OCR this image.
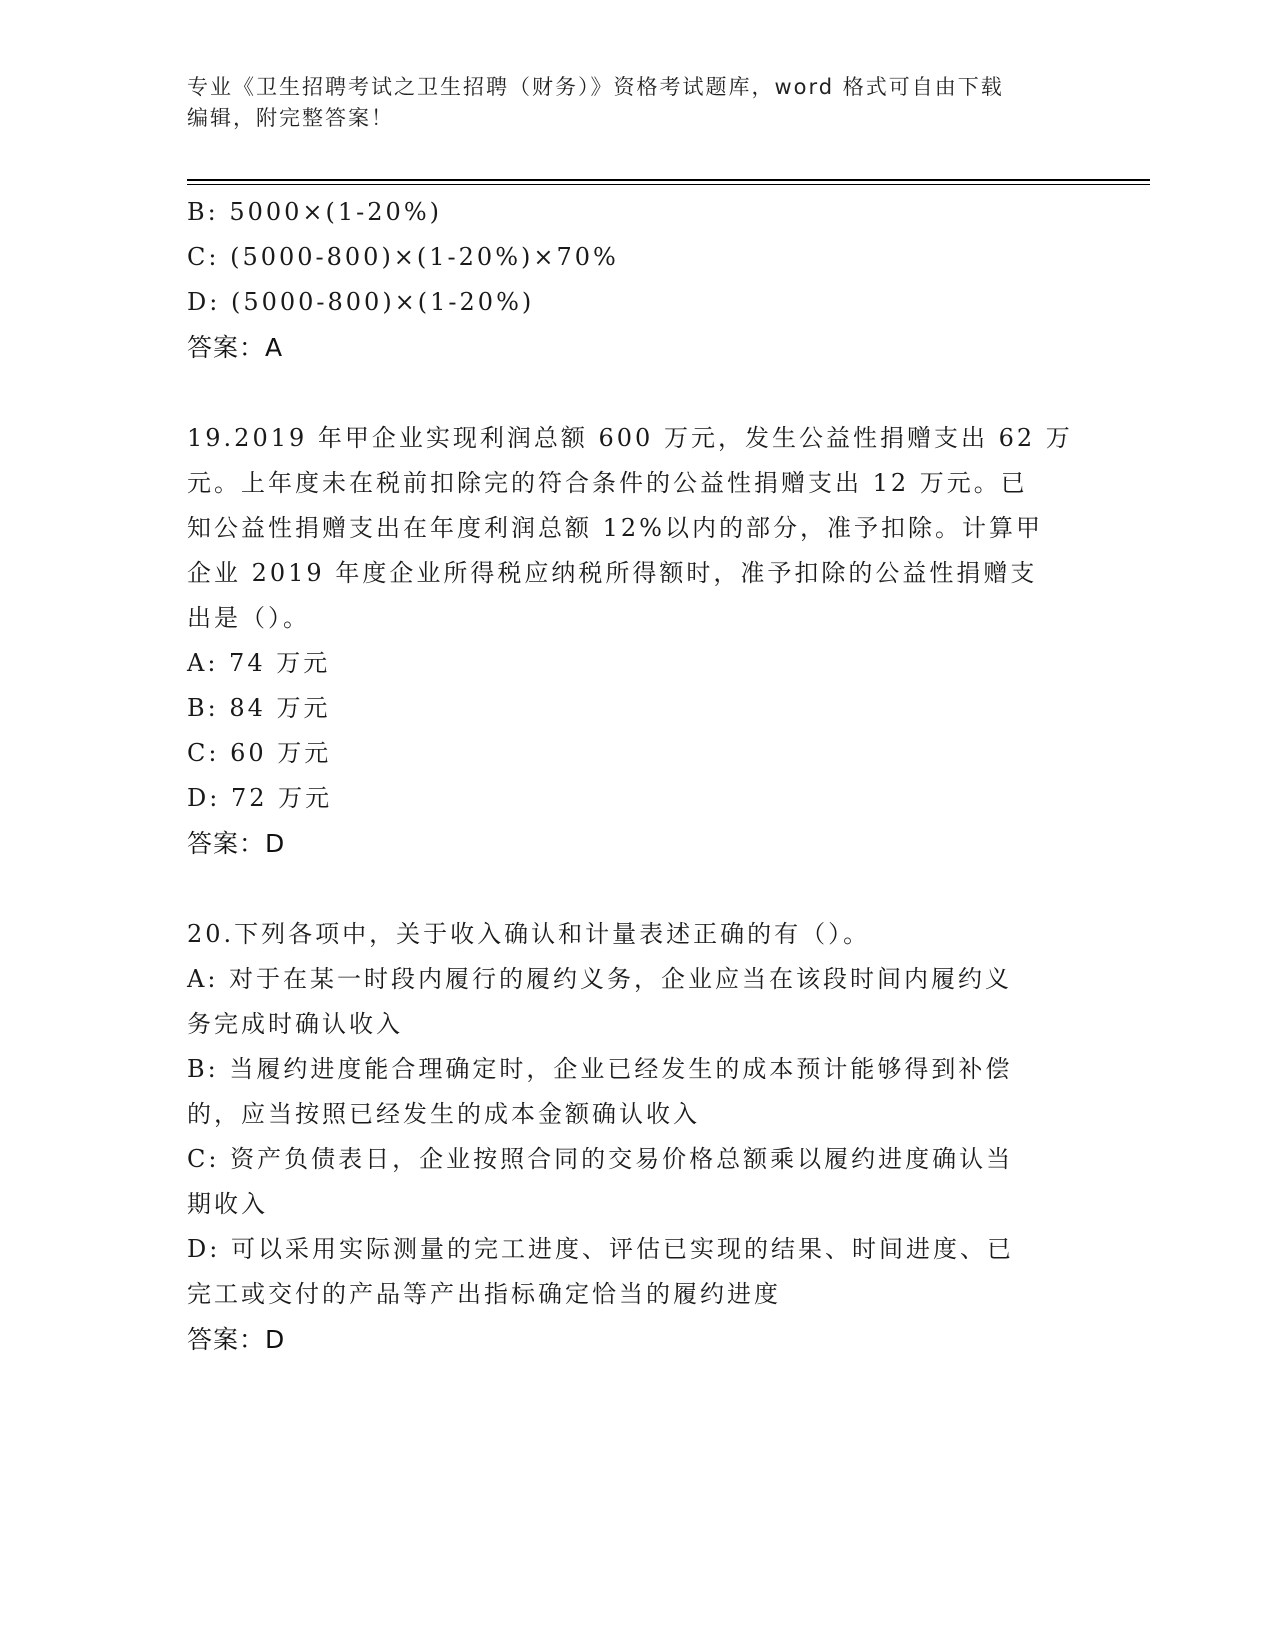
专业《卫生招聘考试之卫生招聘（财务）》资格考试题库，word 格式可自由下载
编辑，附完整答案！
B: 5000×(1-20%)
C: (5000-800)×(1-20%)×70%
D: (5000-800)×(1-20%)
答案：A
19.2019 年甲企业实现利润总额 600 万元，发生公益性捐赠支出 62 万
元。上年度未在税前扣除完的符合条件的公益性捐赠支出 12 万元。已
知公益性捐赠支出在年度利润总额 12%以内的部分，准予扣除。计算甲
企业 2019 年度企业所得税应纳税所得额时，准予扣除的公益性捐赠支
出是（）。
A: 74 万元
B: 84 万元
C: 60 万元
D: 72 万元
答案：D
20.下列各项中，关于收入确认和计量表述正确的有（）。
A: 对于在某一时段内履行的履约义务，企业应当在该段时间内履约义
务完成时确认收入
B: 当履约进度能合理确定时，企业已经发生的成本预计能够得到补偿
的，应当按照已经发生的成本金额确认收入
C: 资产负债表日，企业按照合同的交易价格总额乘以履约进度确认当
期收入
D: 可以采用实际测量的完工进度、评估已实现的结果、时间进度、已
完工或交付的产品等产出指标确定恰当的履约进度
答案：D
